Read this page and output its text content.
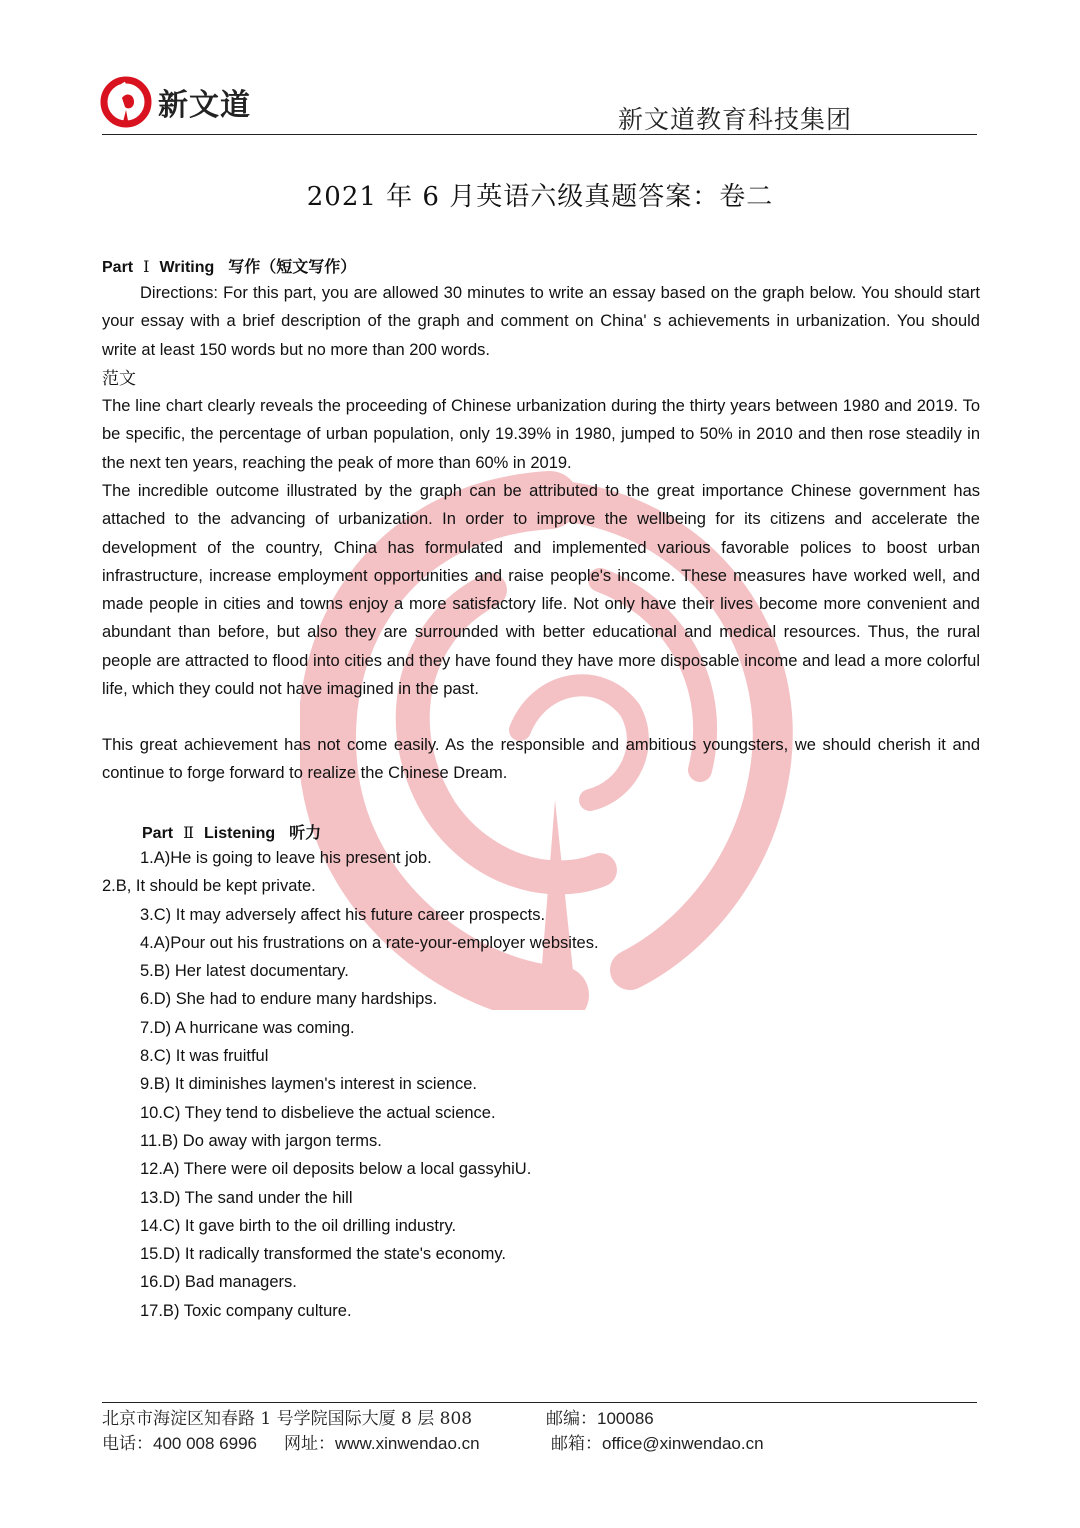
新文道	新文道教育科技集团
2021 年 6 月英语六级真题答案：卷二
Part Ⅰ Writing 写作（短文写作）
Directions: For this part, you are allowed 30 minutes to write an essay based on the graph below. You should start your essay with a brief description of the graph and comment on China' s achievements in urbanization. You should write at least 150 words but no more than 200 words.
范文
The line chart clearly reveals the proceeding of Chinese urbanization during the thirty years between 1980 and 2019. To be specific, the percentage of urban population, only 19.39% in 1980, jumped to 50% in 2010 and then rose steadily in the next ten years, reaching the peak of more than 60% in 2019.
The incredible outcome illustrated by the graph can be attributed to the great importance Chinese government has attached to the advancing of urbanization. In order to improve the wellbeing for its citizens and accelerate the development of the country, China has formulated and implemented various favorable polices to boost urban infrastructure, increase employment opportunities and raise people's income. These measures have worked well, and made people in cities and towns enjoy a more satisfactory life. Not only have their lives become more convenient and abundant than before, but also they are surrounded with better educational and medical resources. Thus, the rural people are attracted to flood into cities and they have found they have more disposable income and lead a more colorful life, which they could not have imagined in the past.
This great achievement has not come easily. As the responsible and ambitious youngsters, we should cherish it and continue to forge forward to realize the Chinese Dream.
Part Ⅱ Listening 听力
1.A)He is going to leave his present job.
2.B, It should be kept private.
3.C) It may adversely affect his future career prospects.
4.A)Pour out his frustrations on a rate-your-employer websites.
5.B) Her latest documentary.
6.D) She had to endure many hardships.
7.D) A hurricane was coming.
8.C) It was fruitful
9.B) It diminishes laymen's interest in science.
10.C) They tend to disbelieve the actual science.
11.B) Do away with jargon terms.
12.A) There were oil deposits below a local gassyhiU.
13.D) The sand under the hill
14.C) It gave birth to the oil drilling industry.
15.D) It radically transformed the state's economy.
16.D) Bad managers.
17.B) Toxic company culture.
北京市海淀区知春路 1 号学院国际大厦 8 层 808	邮编：100086
电话：400 008 6996 网址：www.xinwendao.cn	邮箱：office@xinwendao.cn
